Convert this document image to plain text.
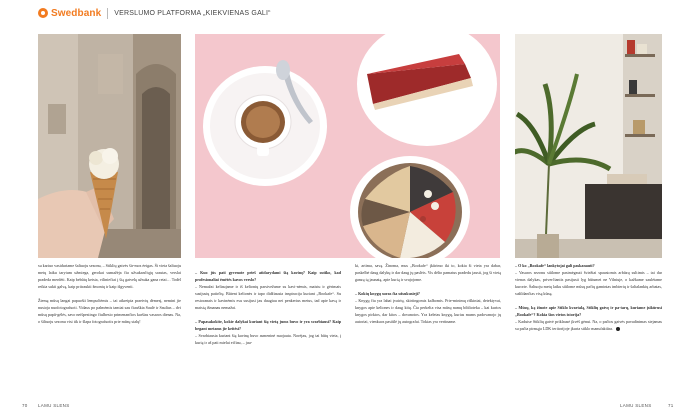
Swedbank VERSLUMO PLATFORMA „KIEKVIENAS GALI“

su kariuo vasiduriame šaltuoju sezonu, – Stiklių gatvės šir-mos ėeigas. Ši vieta šaltuoju metų laiku tarytum užmiega, gerokai sumažėja čia užsukančiųjų srautas, verslai pradeda merdėti. Kaip bebūtų keista, viliniečiai į šią gatvelę užsuka gana retai… Todėl reikia sukti galvą, kaip pritraukti žmonių ir kaip išgyventi.

Žiemą mūsų langai papuošti lempučiėmis – tai atkreipia praeivių dėmesį, nemini jie nustoja nuofotografuoti. Vidaus po palmėmis tamiai sau čiauškia Saulė ir Saulius – dvi mūsų papū-gėlės, savo neišpestingo čiulbesio primenančios karštas vasaros dienas. Na, o šiltuoju sezonu visi tik ir šlapa fotografuotis prie mūsų stalų!

– Kuo jūs pati gyvenote prieš atidarydami šią kavinę? Kaip sutiko, kad profesionaliai émėtės kavos verslo?

– Nemažai keliaujame ir iš kelionių parsivežame su kavi-nėmis, maistu ir gėrimais susijusių patirčių. Būtent kelionės ir tapo didžiausia inspiracija kuriant „Bookafe“. Su restoranais ir kavinėmis esu susijusi jau daugiau nei penkerius metus, tad apie kavą ir maistą išmanau nemažai.

– Papasakokite, kokie dalykai kuriant šią vietą jums buvo ir yra svarbiausi? Kaip begant metams jie keitėsi?

– Svarbiausia kuriant šią kavinę buvo asmeninė nuojauta. Norėjau, jog tai būtų vieta, į kurią ir aš pati mielai eičiau, – jau-

ki, artima, savą. Žinoma, mus „Bookafe“ įkūrimo iki to, kokia ši vieta yra dabar, paskelbė daug dalykų ir dar daug jų paslėis. Vis dėlto pamatus pradedu jausti, jog ši vietą ganzą tą jaunatą, apie kurią ir svajojome.

– Kokių knygų suras čia užsukusieji?

– Knygų čia yra labai įvairių, skirtingomis kalbomis. Prie-minimų riškiniai, detektyvai, knygos apie keliones ir daug kitų. Čia perkelta visa mūsų namų biblioteka – kai kurios knygos pirktos, dar kitos – dovanotos. Yra keletas knygų, kurias mums padovanojo jų autoriai, vienkuos pasiūlė jų autografai. Tokias yra vertiname.

– O ko „Bookafe“ lankytojai gali paskanauti?

– Vasaros sezonu siūlome pasimėgauti šviežiai spaustomis arbūzų sultimis – tai dar vienas dalykas, priverčiantis pasijusti lyg būtumei ne Vilniuje, o kažkame saulėtame kurorte. Šaltuoju metų laiku siūlome mūsų pačių gamintas imbierių ir šaltalankių arbatas, sušildančias visą kūną.

– Mūsų, ką žinote apie Stiklo kvartalą, Stiklių gatvę ir pa-tarų, kuriame įsikūrusi „Bookafe“? Kokia šios vietos istorija?

– Kaduise Stiklių gatvė priklausė įkvėš gėnui. Na, o pačios gatvės pavadinimas siejamas su pačia pirmąja LDK teritorijoje įkurta stiklo manufaktūra.

70 LAMU SLENS	LAMU SLENS	71
